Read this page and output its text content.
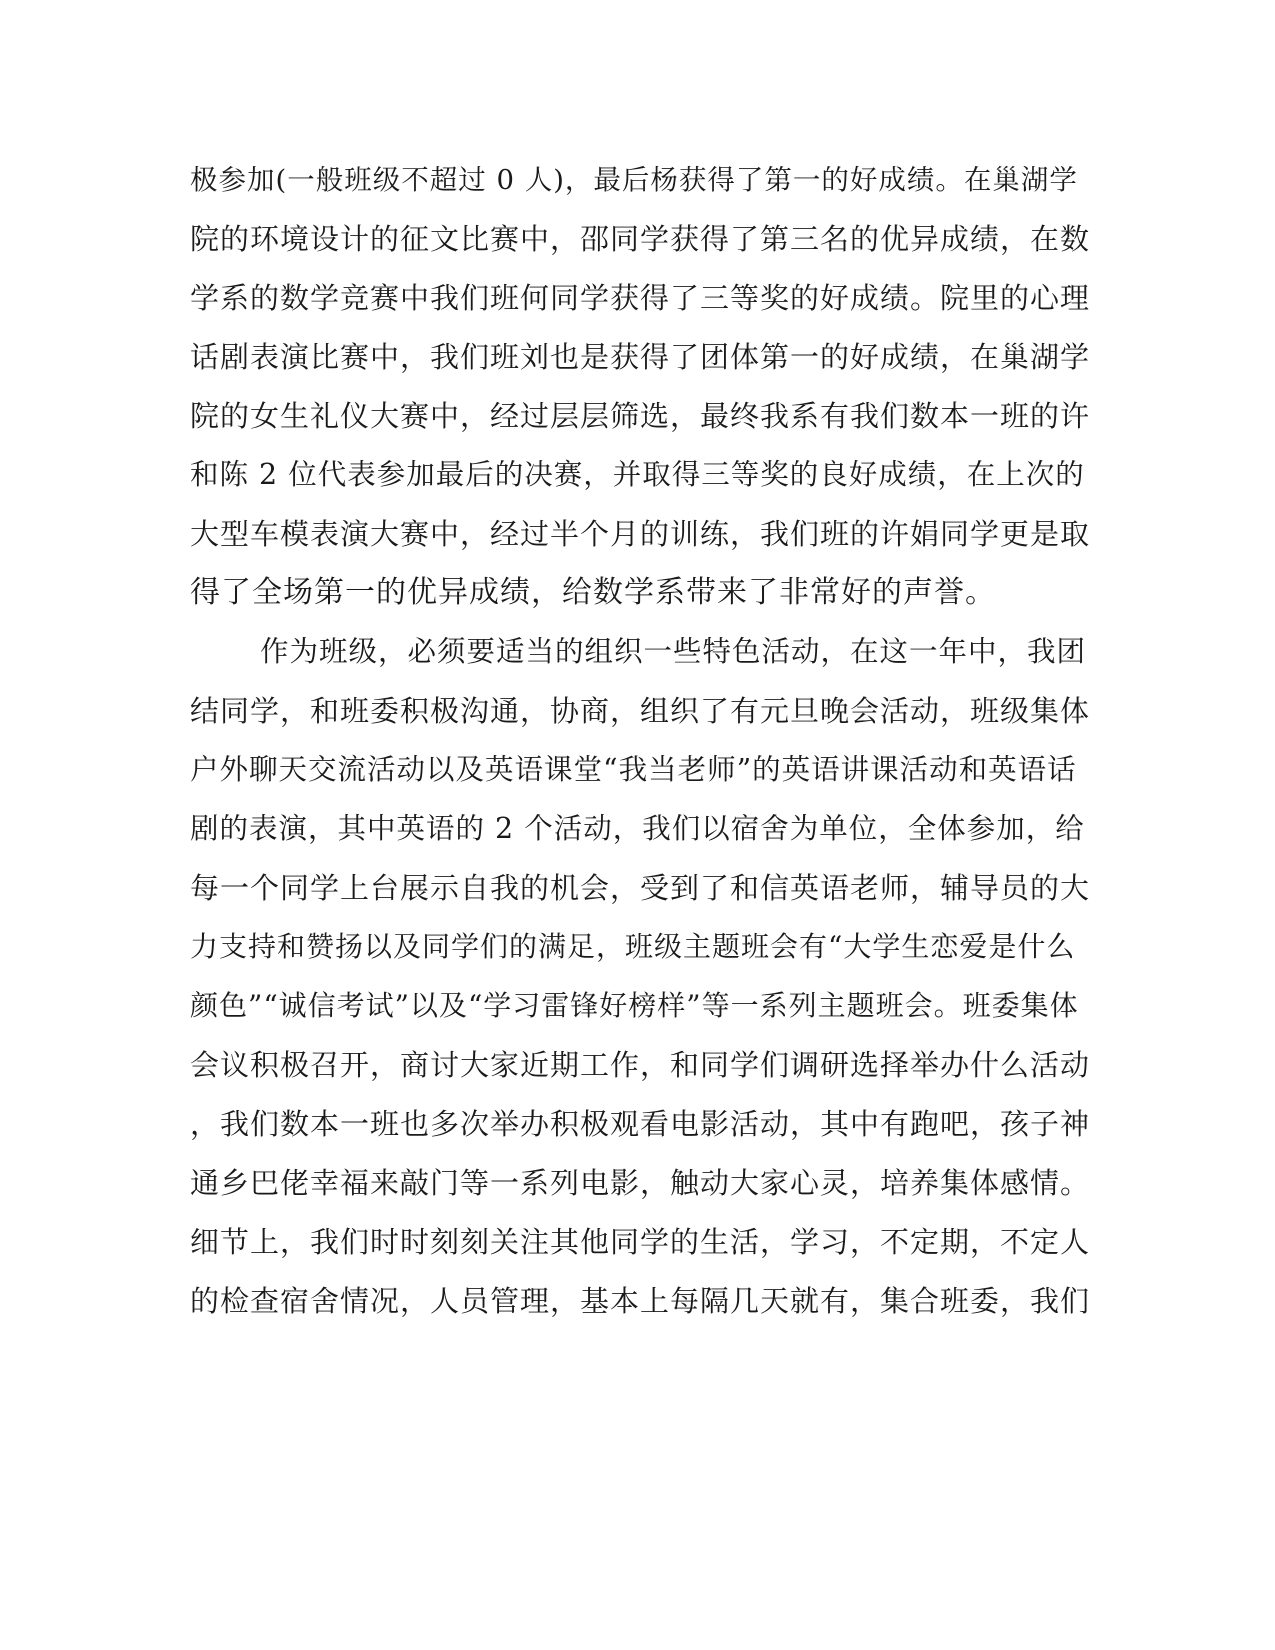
极参加(一般班级不超过 0 人)，最后杨获得了第一的好成绩。在巢湖学
院的环境设计的征文比赛中，邵同学获得了第三名的优异成绩，在数
学系的数学竞赛中我们班何同学获得了三等奖的好成绩。院里的心理
话剧表演比赛中，我们班刘也是获得了团体第一的好成绩，在巢湖学
院的女生礼仪大赛中，经过层层筛选，最终我系有我们数本一班的许
和陈 2 位代表参加最后的决赛，并取得三等奖的良好成绩，在上次的
大型车模表演大赛中，经过半个月的训练，我们班的许娟同学更是取
得了全场第一的优异成绩，给数学系带来了非常好的声誉。
作为班级，必须要适当的组织一些特色活动，在这一年中，我团
结同学，和班委积极沟通，协商，组织了有元旦晚会活动，班级集体
户外聊天交流活动以及英语课堂“我当老师”的英语讲课活动和英语话
剧的表演，其中英语的 2 个活动，我们以宿舍为单位，全体参加，给
每一个同学上台展示自我的机会，受到了和信英语老师，辅导员的大
力支持和赞扬以及同学们的满足，班级主题班会有“大学生恋爱是什么
颜色”“诚信考试”以及“学习雷锋好榜样”等一系列主题班会。班委集体
会议积极召开，商讨大家近期工作，和同学们调研选择举办什么活动
，我们数本一班也多次举办积极观看电影活动，其中有跑吧，孩子神
通乡巴佬幸福来敲门等一系列电影，触动大家心灵，培养集体感情。
细节上，我们时时刻刻关注其他同学的生活，学习，不定期，不定人
的检查宿舍情况，人员管理，基本上每隔几天就有，集合班委，我们
